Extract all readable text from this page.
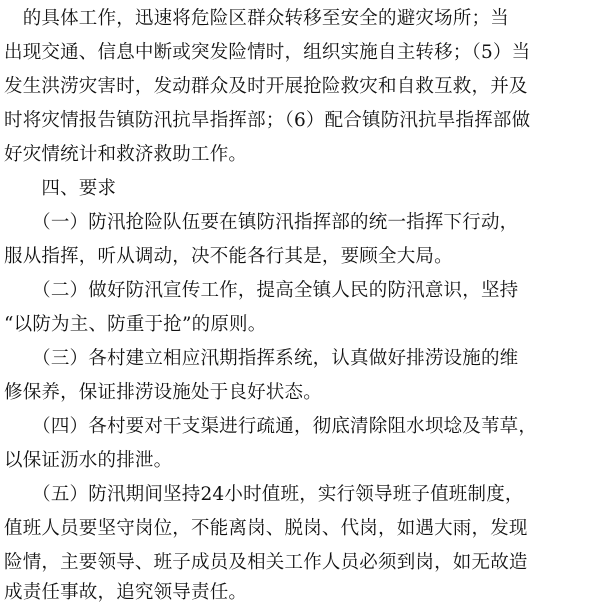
　的具体工作，迅速将危险区群众转移至安全的避灾场所；当
出现交通、信息中断或突发险情时，组织实施自主转移；（5）当
发生洪涝灾害时，发动群众及时开展抢险救灾和自救互救，并及
时将灾情报告镇防汛抗旱指挥部；（6）配合镇防汛抗旱指挥部做
好灾情统计和救济救助工作。
　　四、要求
　　（一）防汛抢险队伍要在镇防汛指挥部的统一指挥下行动，
服从指挥，听从调动，决不能各行其是，要顾全大局。
　　（二）做好防汛宣传工作，提高全镇人民的防汛意识，坚持
“以防为主、防重于抢”的原则。
　　（三）各村建立相应汛期指挥系统，认真做好排涝设施的维
修保养，保证排涝设施处于良好状态。
　　（四）各村要对干支渠进行疏通，彻底清除阻水坝埝及苇草，
以保证沥水的排泄。
　　（五）防汛期间坚持24小时值班，实行领导班子值班制度，
值班人员要坚守岗位，不能离岗、脱岗、代岗，如遇大雨，发现
险情，主要领导、班子成员及相关工作人员必须到岗，如无故造
成责任事故，追究领导责任。
